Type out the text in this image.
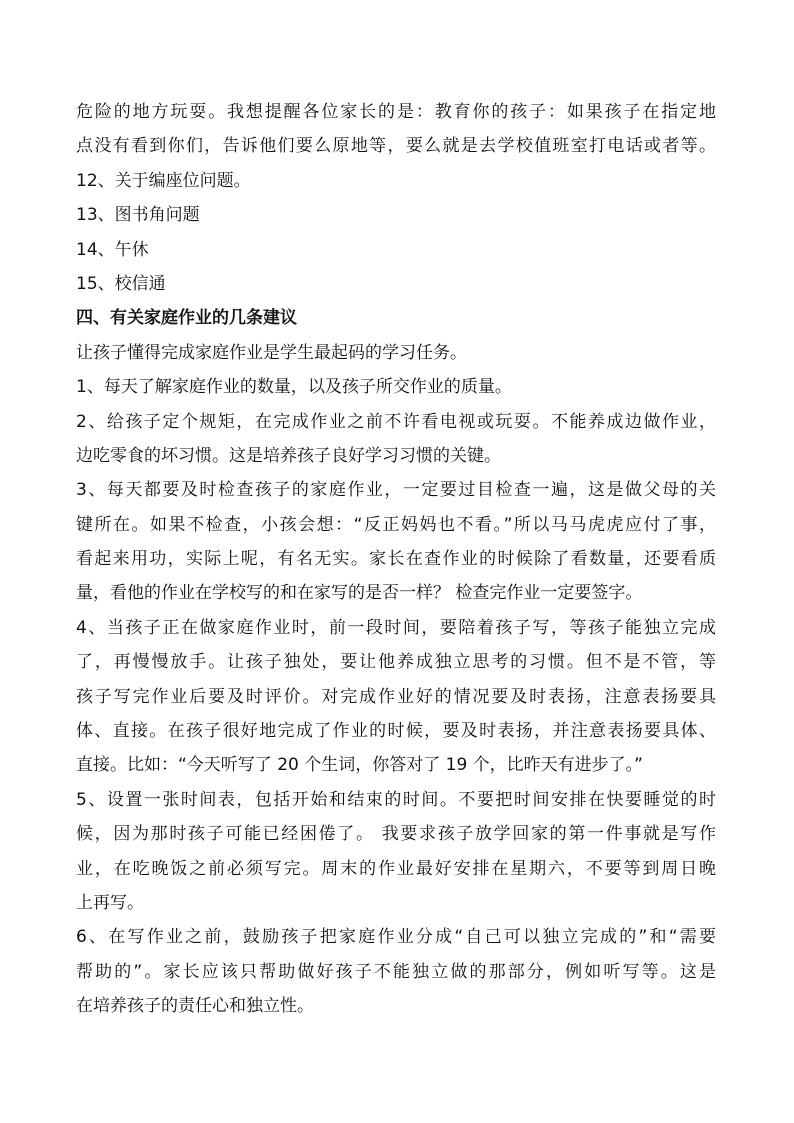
危险的地方玩耍。我想提醒各位家长的是：教育你的孩子：如果孩子在指定地
点没有看到你们，告诉他们要么原地等，要么就是去学校值班室打电话或者等。
12、关于编座位问题。
13、图书角问题
14、午休
15、校信通
四、有关家庭作业的几条建议
让孩子懂得完成家庭作业是学生最起码的学习任务。
1、每天了解家庭作业的数量，以及孩子所交作业的质量。
2、给孩子定个规矩，在完成作业之前不许看电视或玩耍。不能养成边做作业，
边吃零食的坏习惯。这是培养孩子良好学习习惯的关键。
3、每天都要及时检查孩子的家庭作业，一定要过目检查一遍，这是做父母的关
键所在。如果不检查，小孩会想：“反正妈妈也不看。”所以马马虎虎应付了事，
看起来用功，实际上呢，有名无实。家长在查作业的时候除了看数量，还要看质
量，看他的作业在学校写的和在家写的是否一样？ 检查完作业一定要签字。
4、当孩子正在做家庭作业时，前一段时间，要陪着孩子写，等孩子能独立完成
了，再慢慢放手。让孩子独处，要让他养成独立思考的习惯。但不是不管，等
孩子写完作业后要及时评价。对完成作业好的情况要及时表扬，注意表扬要具
体、直接。在孩子很好地完成了作业的时候，要及时表扬，并注意表扬要具体、
直接。比如：“今天听写了 20 个生词，你答对了 19 个，比昨天有进步了。”
5、设置一张时间表，包括开始和结束的时间。不要把时间安排在快要睡觉的时
候，因为那时孩子可能已经困倦了。 我要求孩子放学回家的第一件事就是写作
业，在吃晚饭之前必须写完。周末的作业最好安排在星期六，不要等到周日晚
上再写。
6、在写作业之前，鼓励孩子把家庭作业分成“自己可以独立完成的”和“需要
帮助的”。家长应该只帮助做好孩子不能独立做的那部分，例如听写等。这是
在培养孩子的责任心和独立性。
